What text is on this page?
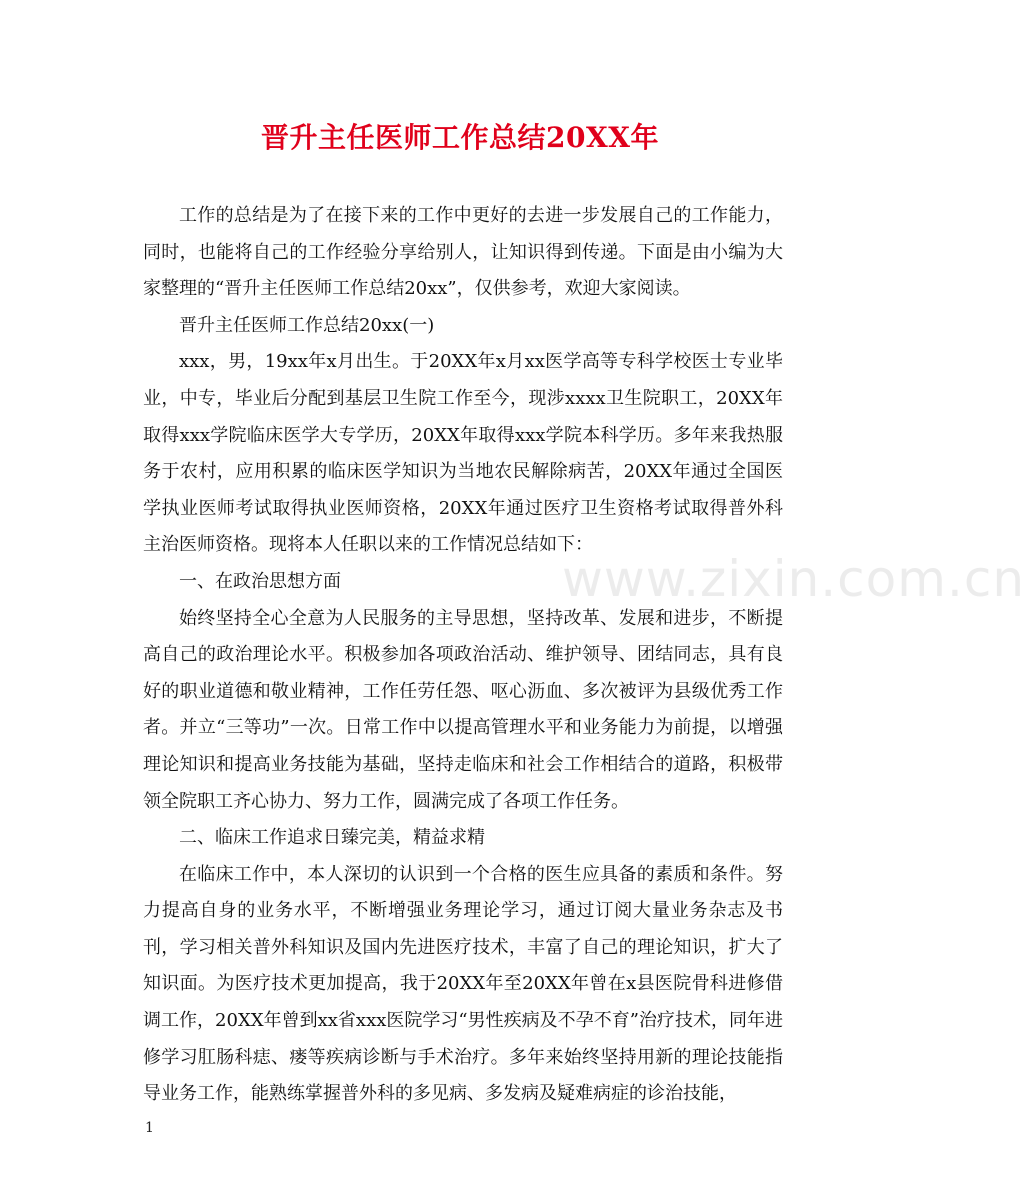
www.zixin.com.cn
晋升主任医师工作总结20XX年

工作的总结是为了在接下来的工作中更好的去进一步发展自己的工作能力，同时，也能将自己的工作经验分享给别人，让知识得到传递。下面是由小编为大家整理的“晋升主任医师工作总结20xx”，仅供参考，欢迎大家阅读。

晋升主任医师工作总结20xx(一)

xxx，男，19xx年x月出生。于20XX年x月xx医学高等专科学校医士专业毕业，中专，毕业后分配到基层卫生院工作至今，现涉xxxx卫生院职工，20XX年取得xxx学院临床医学大专学历，20XX年取得xxx学院本科学历。多年来我热服务于农村，应用积累的临床医学知识为当地农民解除病苦，20XX年通过全国医学执业医师考试取得执业医师资格，20XX年通过医疗卫生资格考试取得普外科主治医师资格。现将本人任职以来的工作情况总结如下：

一、在政治思想方面

始终坚持全心全意为人民服务的主导思想，坚持改革、发展和进步，不断提高自己的政治理论水平。积极参加各项政治活动、维护领导、团结同志，具有良好的职业道德和敬业精神，工作任劳任怨、呕心沥血、多次被评为县级优秀工作者。并立“三等功”一次。日常工作中以提高管理水平和业务能力为前提，以增强理论知识和提高业务技能为基础，坚持走临床和社会工作相结合的道路，积极带领全院职工齐心协力、努力工作，圆满完成了各项工作任务。

二、临床工作追求日臻完美，精益求精

在临床工作中，本人深切的认识到一个合格的医生应具备的素质和条件。努力提高自身的业务水平，不断增强业务理论学习，通过订阅大量业务杂志及书刊，学习相关普外科知识及国内先进医疗技术，丰富了自己的理论知识，扩大了知识面。为医疗技术更加提高，我于20XX年至20XX年曾在x县医院骨科进修借调工作，20XX年曾到xx省xxx医院学习“男性疾病及不孕不育”治疗技术，同年进修学习肛肠科痣、瘘等疾病诊断与手术治疗。多年来始终坚持用新的理论技能指导业务工作，能熟练掌握普外科的多见病、多发病及疑难病症的诊治技能，

1
